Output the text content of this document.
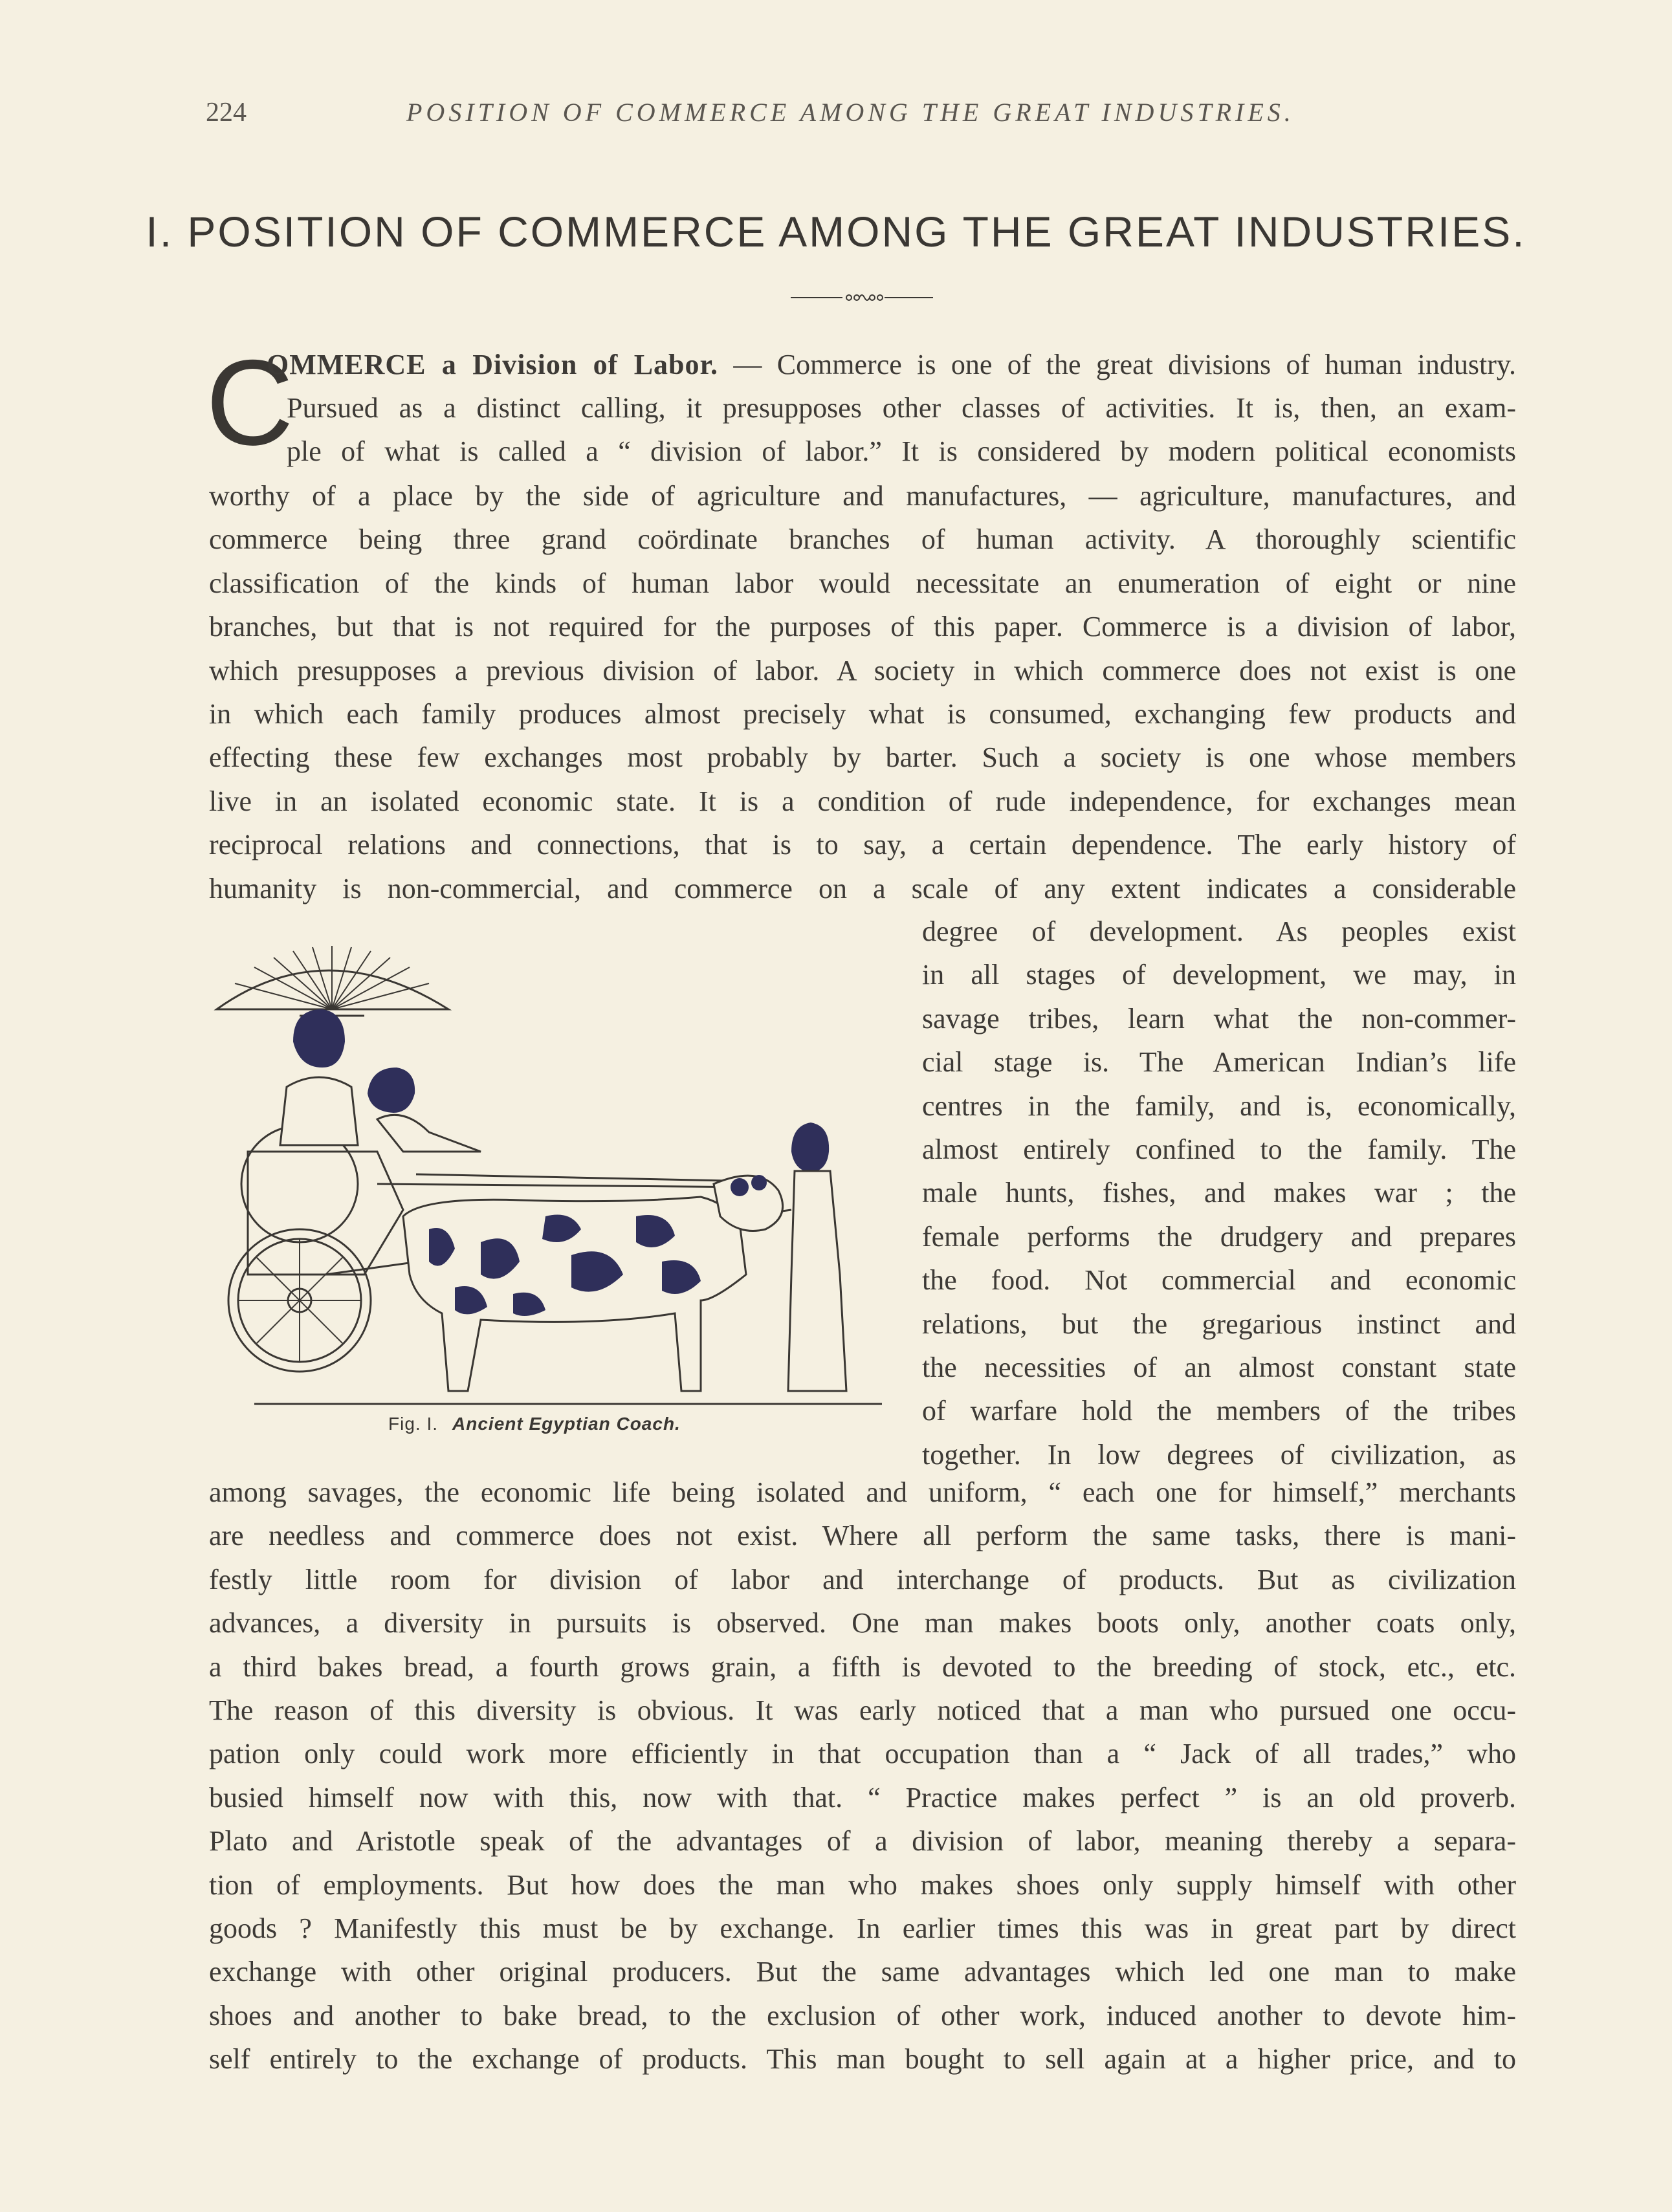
224	POSITION OF COMMERCE AMONG THE GREAT INDUSTRIES.
I. POSITION OF COMMERCE AMONG THE GREAT INDUSTRIES.
C
OMMERCE a Division of Labor. — Commerce is one of the great divisions of human industry.
Pursued as a distinct calling, it presupposes other classes of activities. It is, then, an exam-
ple of what is called a “ division of labor.” It is considered by modern political economists
worthy of a place by the side of agriculture and manufactures, — agriculture, manufactures, and
commerce being three grand coördinate branches of human activity. A thoroughly scientific
classification of the kinds of human labor would necessitate an enumeration of eight or nine
branches, but that is not required for the purposes of this paper. Commerce is a division of labor,
which presupposes a previous division of labor. A society in which commerce does not exist is one
in which each family produces almost precisely what is consumed, exchanging few products and
effecting these few exchanges most probably by barter. Such a society is one whose members
live in an isolated economic state. It is a condition of rude independence, for exchanges mean
reciprocal relations and connections, that is to say, a certain dependence. The early history of
humanity is non-commercial, and commerce on a scale of any extent indicates a considerable
Fig. I. Ancient Egyptian Coach.
degree of development. As peoples exist
in all stages of development, we may, in
savage tribes, learn what the non-commer-
cial stage is. The American Indian’s life
centres in the family, and is, economically,
almost entirely confined to the family. The
male hunts, fishes, and makes war ; the
female performs the drudgery and prepares
the food. Not commercial and economic
relations, but the gregarious instinct and
the necessities of an almost constant state
of warfare hold the members of the tribes
together. In low degrees of civilization, as
among savages, the economic life being isolated and uniform, “ each one for himself,” merchants
are needless and commerce does not exist. Where all perform the same tasks, there is mani-
festly little room for division of labor and interchange of products. But as civilization
advances, a diversity in pursuits is observed. One man makes boots only, another coats only,
a third bakes bread, a fourth grows grain, a fifth is devoted to the breeding of stock, etc., etc.
The reason of this diversity is obvious. It was early noticed that a man who pursued one occu-
pation only could work more efficiently in that occupation than a “ Jack of all trades,” who
busied himself now with this, now with that. “ Practice makes perfect ” is an old proverb.
Plato and Aristotle speak of the advantages of a division of labor, meaning thereby a separa-
tion of employments. But how does the man who makes shoes only supply himself with other
goods ? Manifestly this must be by exchange. In earlier times this was in great part by direct
exchange with other original producers. But the same advantages which led one man to make
shoes and another to bake bread, to the exclusion of other work, induced another to devote him-
self entirely to the exchange of products. This man bought to sell again at a higher price, and to
